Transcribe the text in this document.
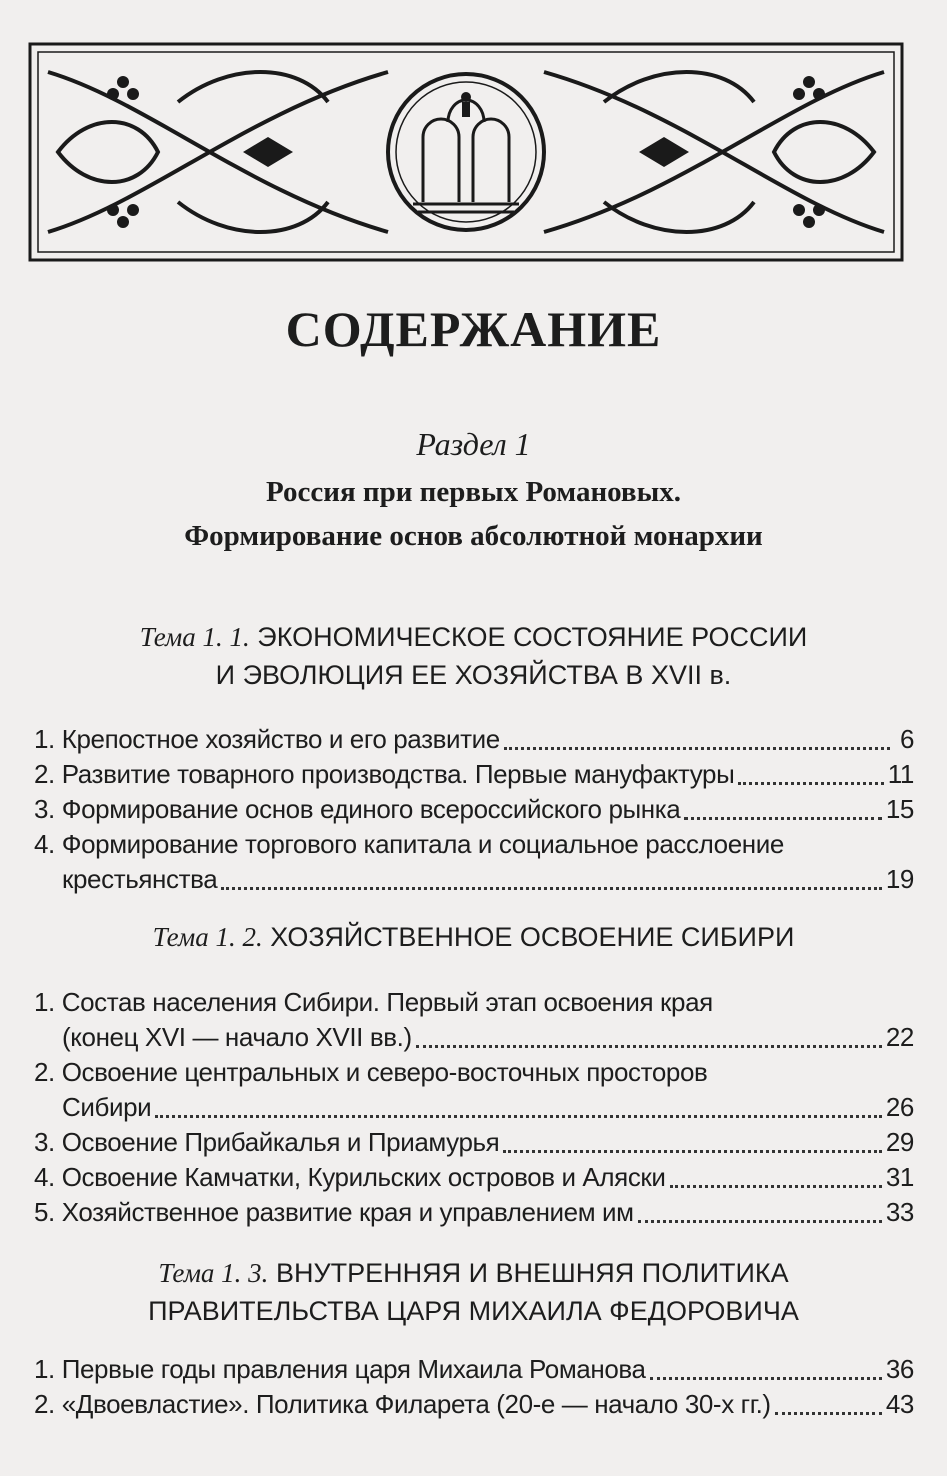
СОДЕРЖАНИЕ
Раздел 1
Россия при первых Романовых.
Формирование основ абсолютной монархии
Тема 1. 1. ЭКОНОМИЧЕСКОЕ СОСТОЯНИЕ РОССИИ
И ЭВОЛЮЦИЯ ЕЕ ХОЗЯЙСТВА В XVII в.
1. Крепостное хозяйство и его развитие	6
2. Развитие товарного производства. Первые мануфактуры	11
3. Формирование основ единого всероссийского рынка	15
4. Формирование торгового капитала и социальное расслоение
крестьянства	19
Тема 1. 2. ХОЗЯЙСТВЕННОЕ ОСВОЕНИЕ СИБИРИ
1. Состав населения Сибири. Первый этап освоения края
(конец XVI — начало XVII вв.)	22
2. Освоение центральных и северо-восточных просторов
Сибири	26
3. Освоение Прибайкалья и Приамурья	29
4. Освоение Камчатки, Курильских островов и Аляски	31
5. Хозяйственное развитие края и управлением им	33
Тема 1. 3. ВНУТРЕННЯЯ И ВНЕШНЯЯ ПОЛИТИКА
ПРАВИТЕЛЬСТВА ЦАРЯ МИХАИЛА ФЕДОРОВИЧА
1. Первые годы правления царя Михаила Романова	36
2. «Двоевластие». Политика Филарета (20-е — начало 30-х гг.)	43
